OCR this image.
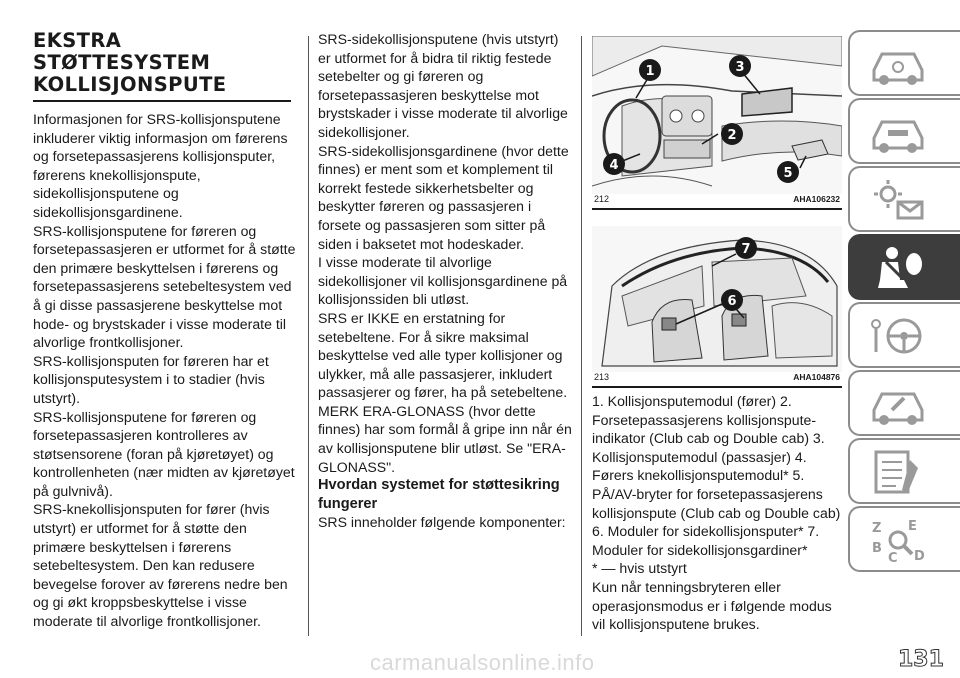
EKSTRA
STØTTESYSTEM
KOLLISJONSPUTE

Informasjonen for SRS-kollisjonsputene inkluderer viktig informasjon om førerens og forsetepassasjerens kollisjonsputer, førerens knekollisjonspute, sidekollisjonsputene og sidekollisjonsgardinene.

SRS-kollisjonsputene for føreren og forsetepassasjeren er utformet for å støtte den primære beskyttelsen i førerens og forsetepassasjerens setebeltesystem ved å gi disse passasjerene beskyttelse mot hode- og brystskader i visse moderate til alvorlige frontkollisjoner.

SRS-kollisjonsputen for føreren har et kollisjonsputesystem i to stadier (hvis utstyrt).

SRS-kollisjonsputene for føreren og forsetepassasjeren kontrolleres av støtsensorene (foran på kjøretøyet) og kontrollenheten (nær midten av kjøretøyet på gulvnivå).

SRS-knekollisjonsputen for fører (hvis utstyrt) er utformet for å støtte den primære beskyttelsen i førerens setebeltesystem. Den kan redusere bevegelse forover av førerens nedre ben og gi økt kroppsbeskyttelse i visse moderate til alvorlige frontkollisjoner.

SRS-sidekollisjonsputene (hvis utstyrt) er utformet for å bidra til riktig festede setebelter og gi føreren og forsetepassasjeren beskyttelse mot brystskader i visse moderate til alvorlige sidekollisjoner.

SRS-sidekollisjonsgardinene (hvor dette finnes) er ment som et komplement til korrekt festede sikkerhetsbelter og beskytter føreren og passasjeren i forsete og passasjeren som sitter på siden i baksetet mot hodeskader.

I visse moderate til alvorlige sidekollisjoner vil kollisjonsgardinene på kollisjonssiden bli utløst.

SRS er IKKE en erstatning for setebeltene. For å sikre maksimal beskyttelse ved alle typer kollisjoner og ulykker, må alle passasjerer, inkludert passasjerer og fører, ha på setebeltene.

MERK ERA-GLONASS (hvor dette finnes) har som formål å gripe inn når én av kollisjonsputene blir utløst. Se "ERA-GLONASS".

Hvordan systemet for støttesikring fungerer

SRS inneholder følgende komponenter:

1
2
3
4
5
212	AHA106232
6
7
213	AHA104876

1. Kollisjonsputemodul (fører) 2. Forsetepassasjerens kollisjonspute-indikator (Club cab og Double cab) 3. Kollisjonsputemodul (passasjer) 4. Førers knekollisjonsputemodul* 5. PÅ/AV-bryter for forsetepassasjerens kollisjonspute (Club cab og Double cab) 6. Moduler for sidekollisjonsputer* 7. Moduler for sidekollisjonsgardiner*

* — hvis utstyrt

Kun når tenningsbryteren eller operasjonsmodus er i følgende modus vil kollisjonsputene brukes.

Z E
B
C D
carmanualsonline.info	131
